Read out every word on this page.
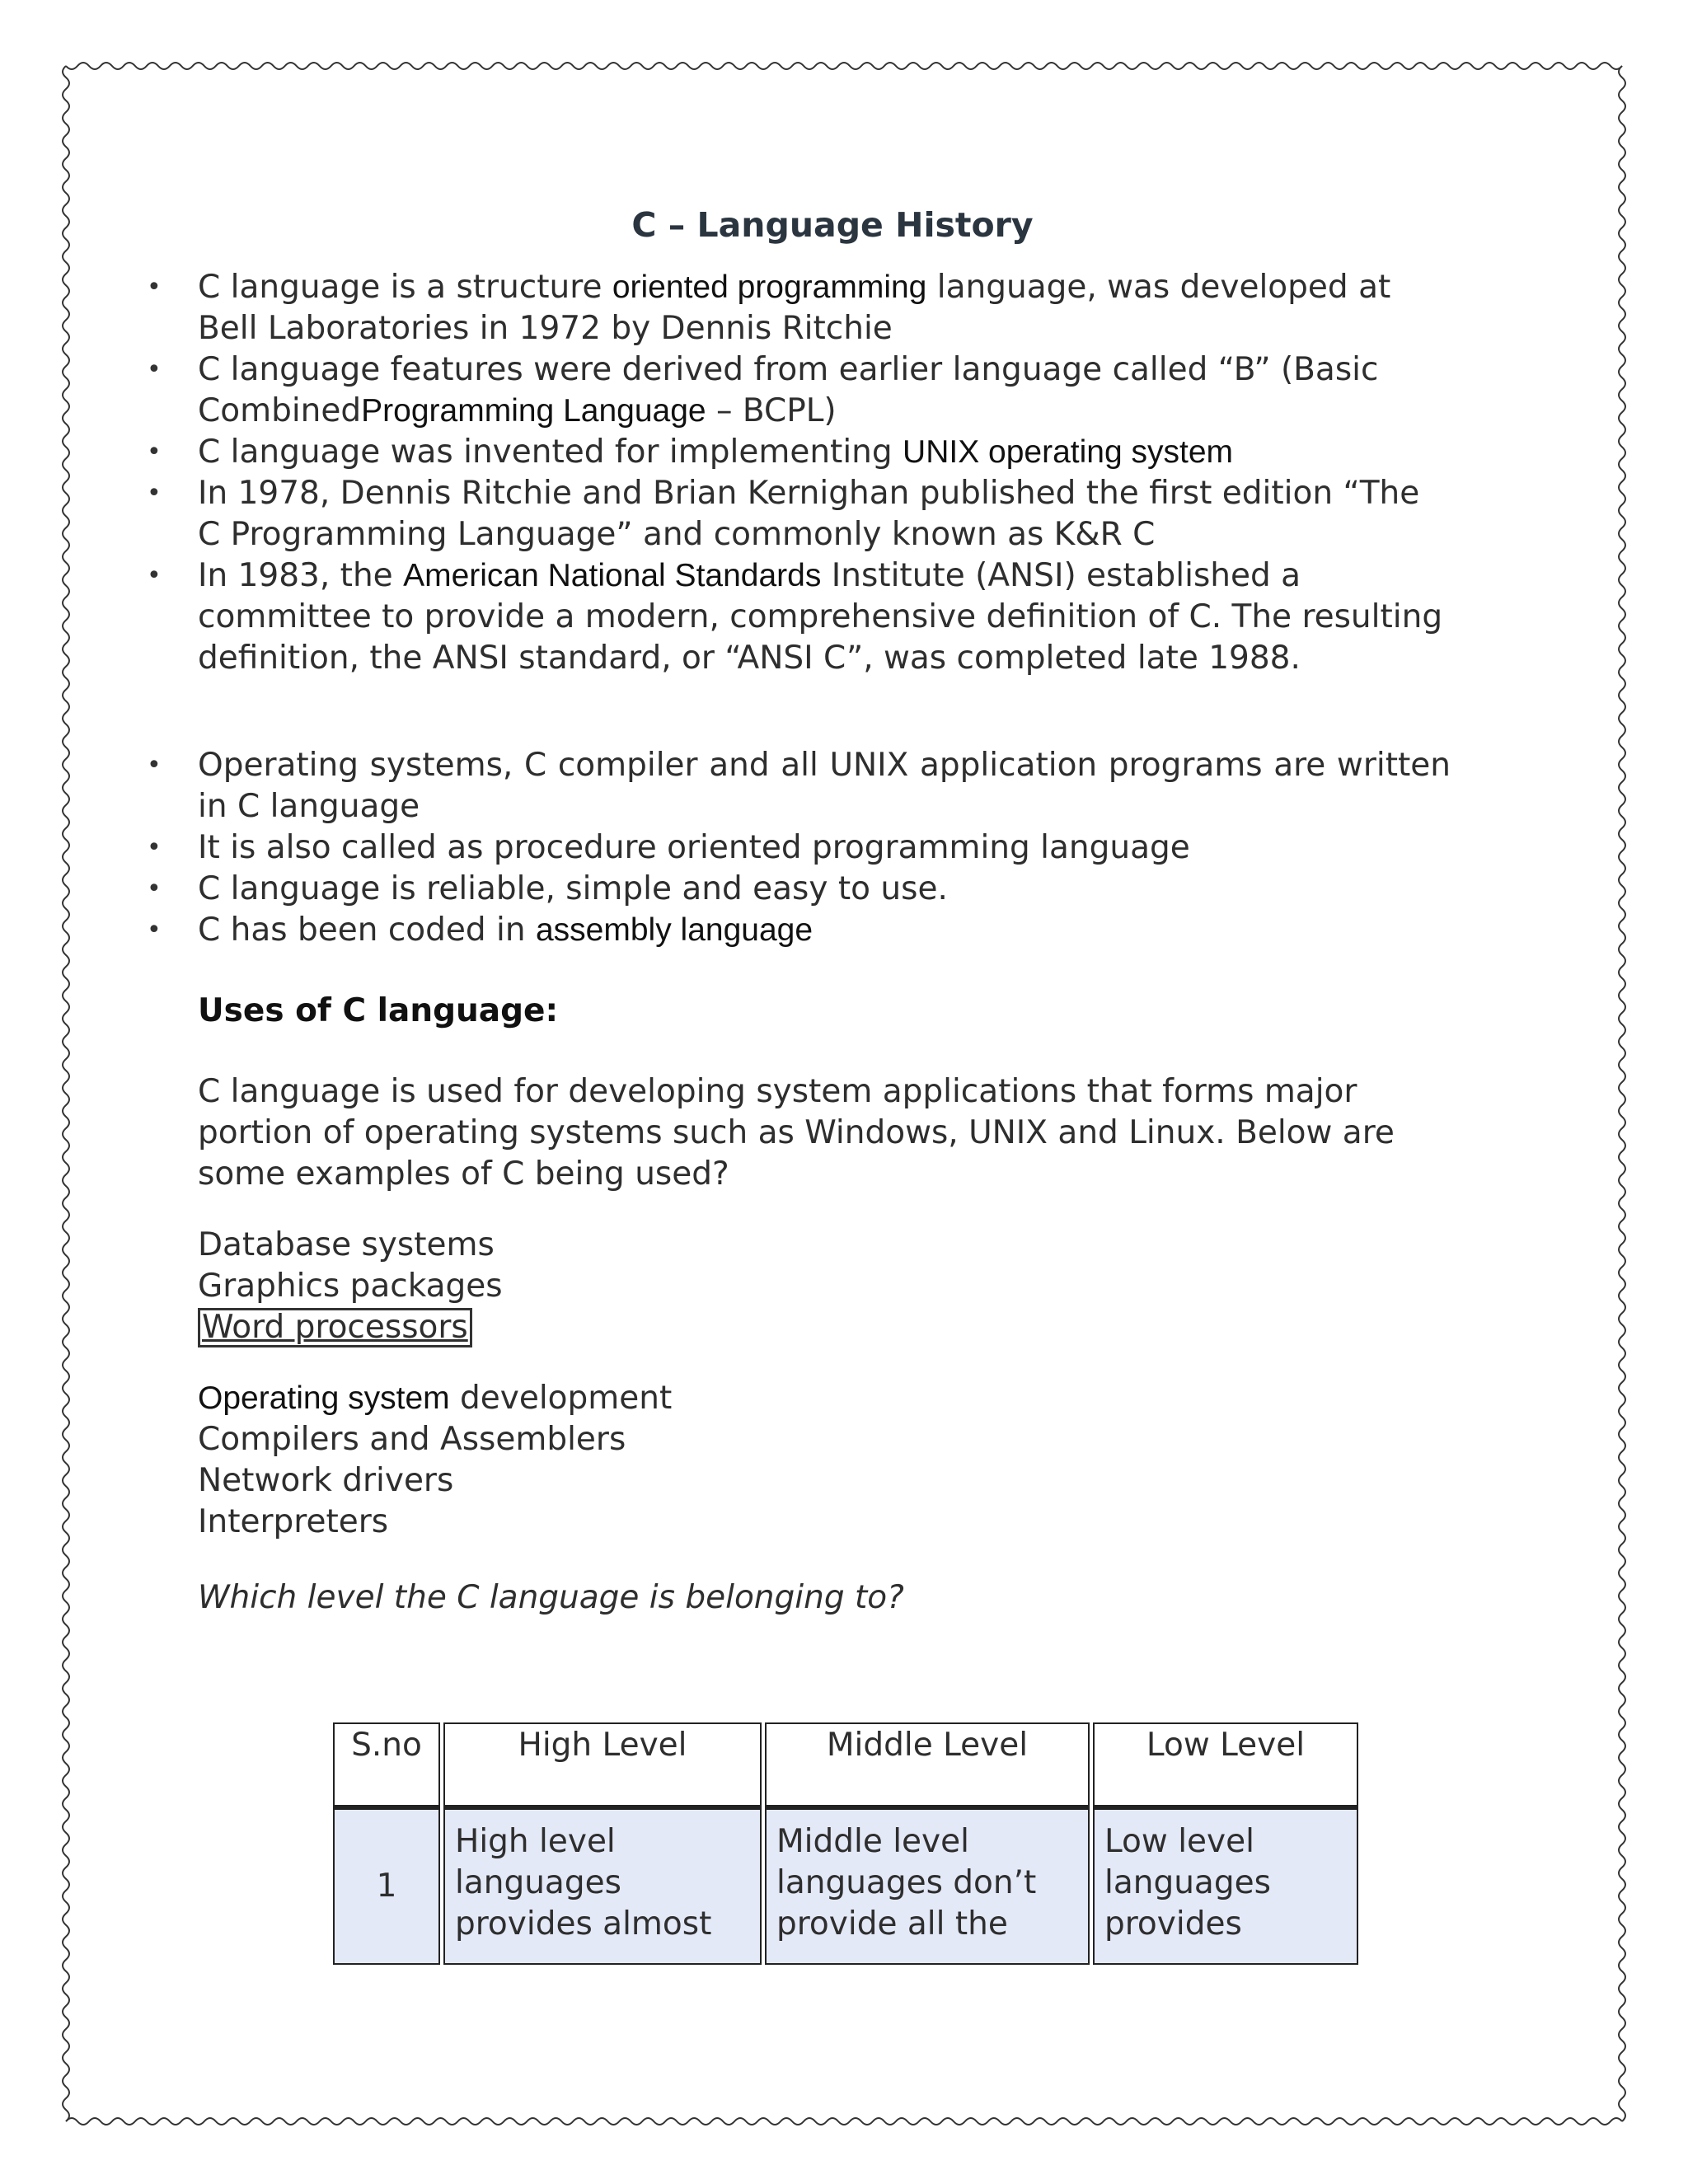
C – Language History
• C language is a structure oriented programming language, was developed at Bell Laboratories in 1972 by Dennis Ritchie
• C language features were derived from earlier language called “B” (Basic CombinedProgramming Language – BCPL)
• C language was invented for implementing UNIX operating system
• In 1978, Dennis Ritchie and Brian Kernighan published the first edition “The C Programming Language” and commonly known as K&R C
• In 1983, the American National Standards Institute (ANSI) established a committee to provide a modern, comprehensive definition of C. The resulting definition, the ANSI standard, or “ANSI C”, was completed late 1988.
• Operating systems, C compiler and all UNIX application programs are written in C language
• It is also called as procedure oriented programming language
• C language is reliable, simple and easy to use.
• C has been coded in assembly language
Uses of C language:
C language is used for developing system applications that forms major portion of operating systems such as Windows, UNIX and Linux. Below are some examples of C being used?
Database systems
Graphics packages
Word processors
Operating system development
Compilers and Assemblers
Network drivers
Interpreters
Which level the C language is belonging to?
S.no	High Level	Middle Level	Low Level
1	High level languages provides almost	Middle level languages don’t provide all the	Low level languages provides
